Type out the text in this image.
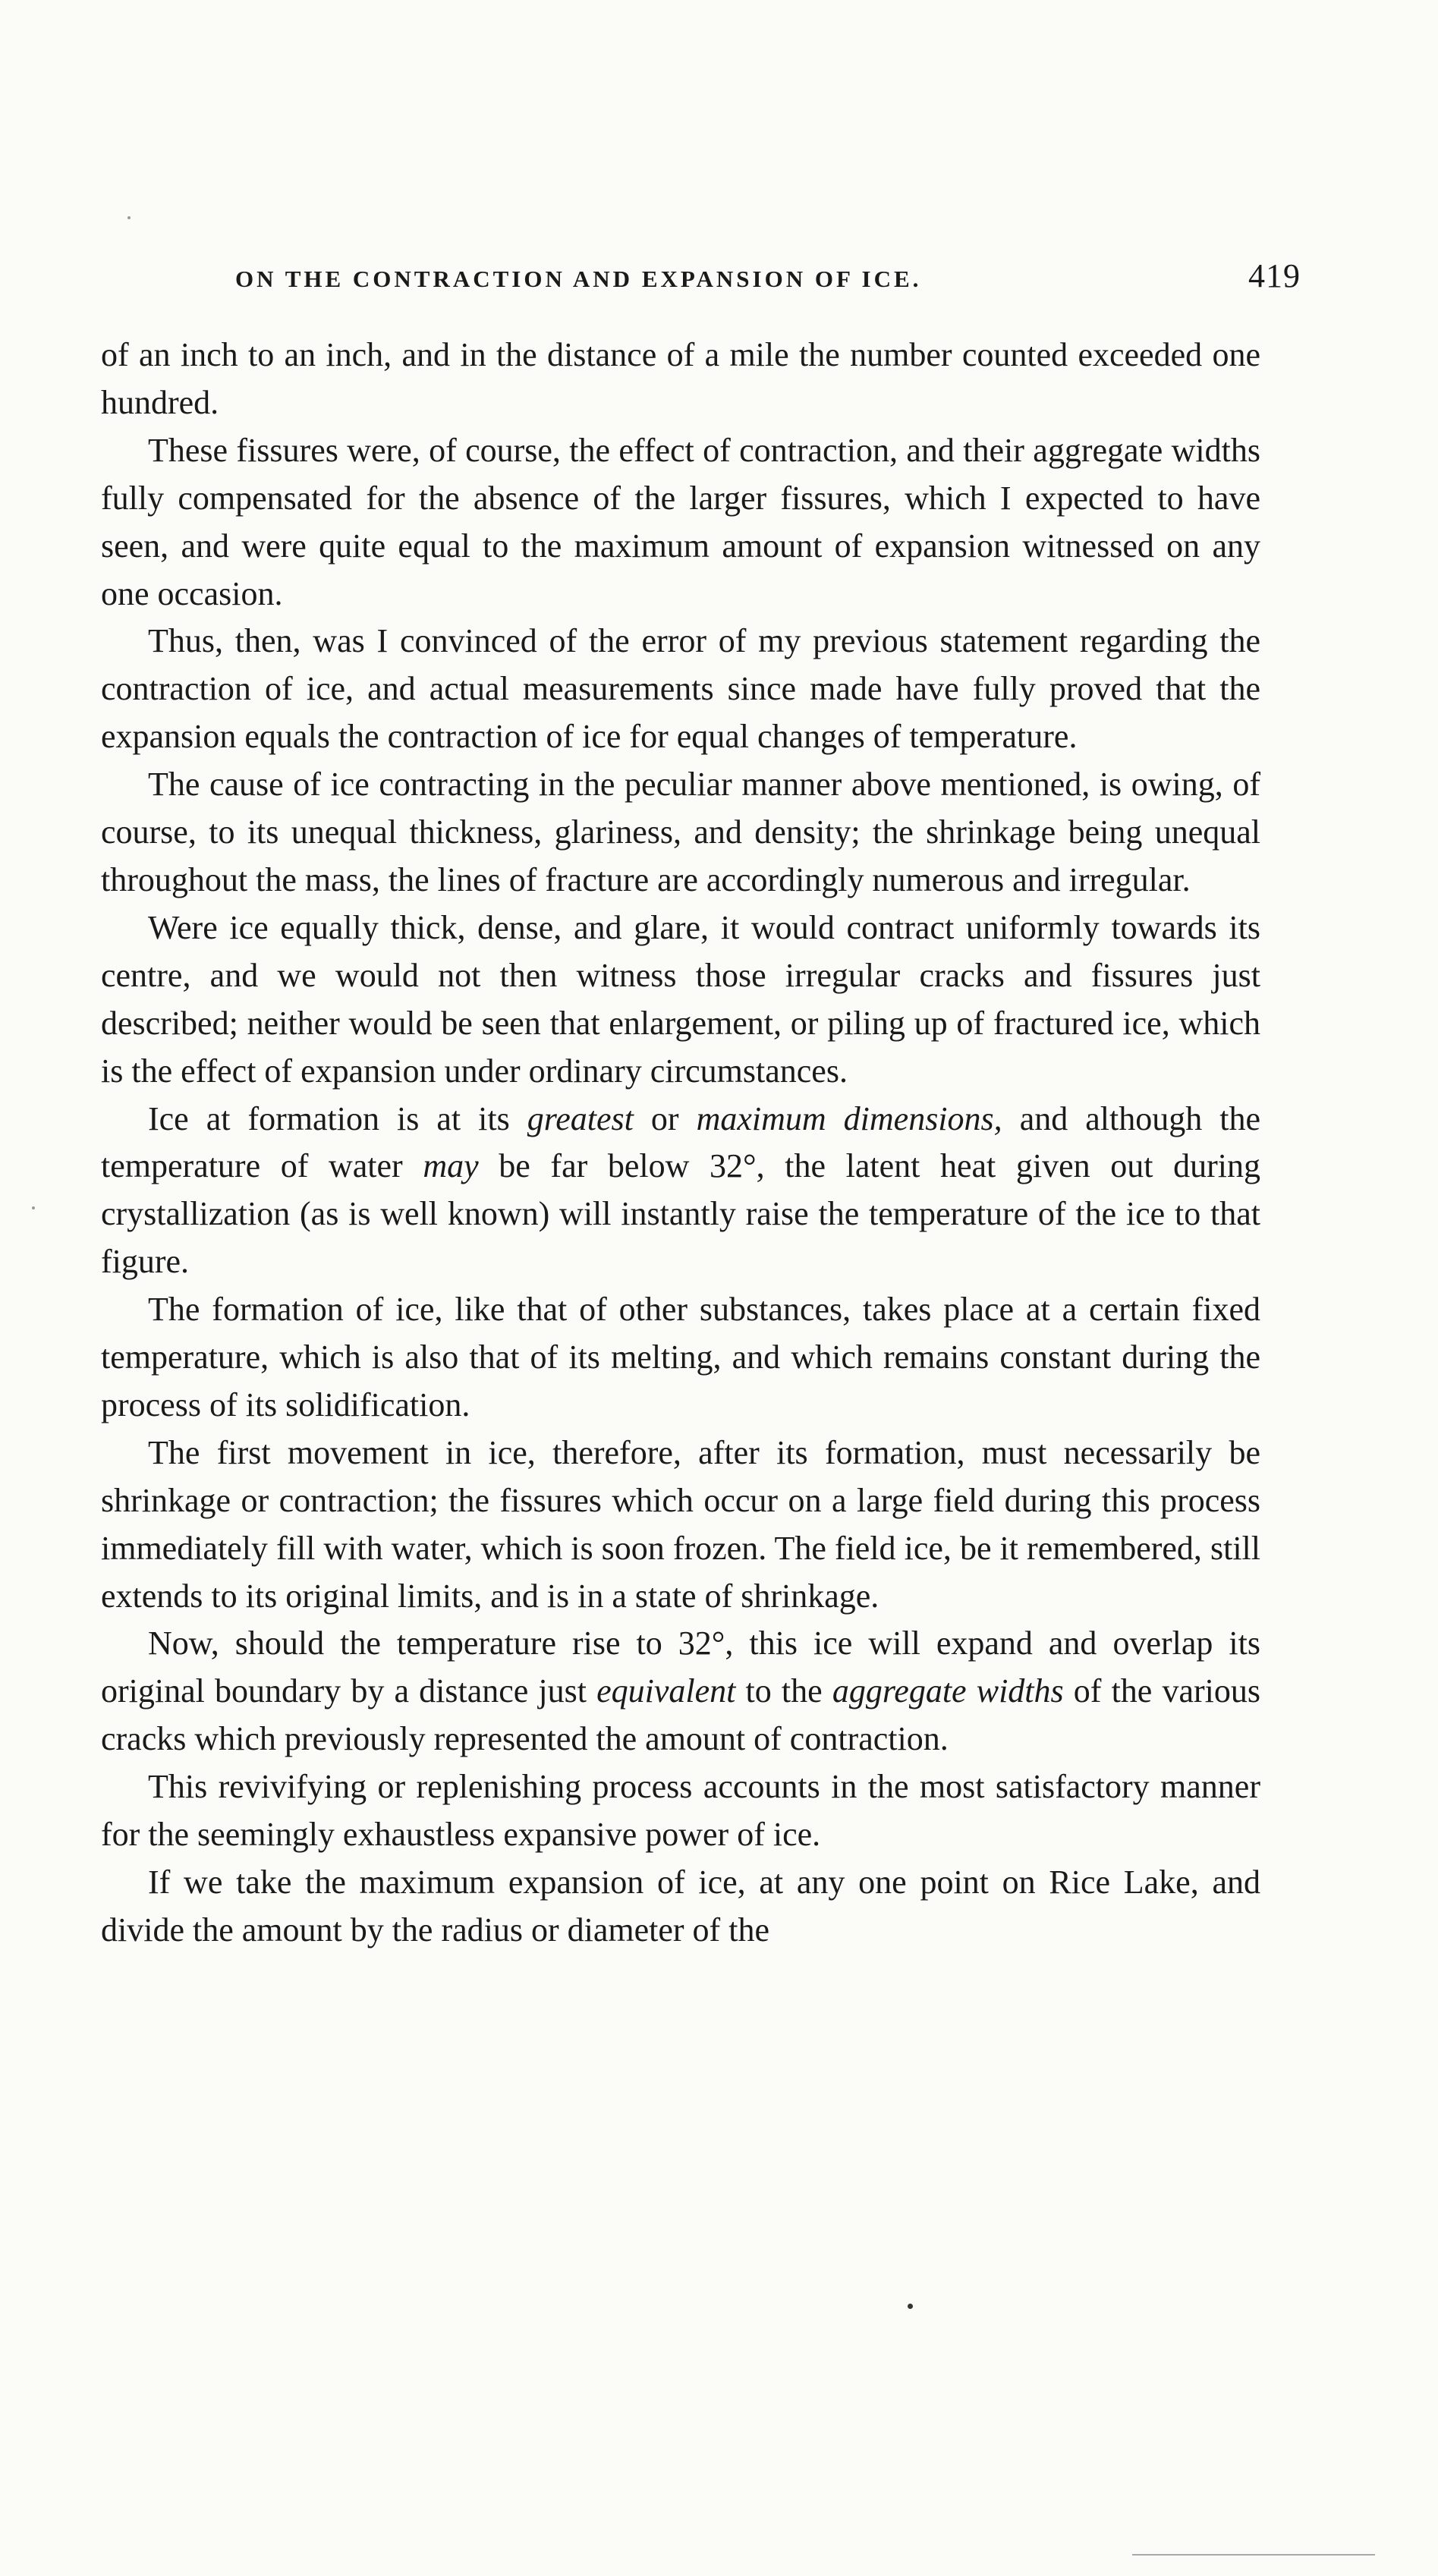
ON THE CONTRACTION AND EXPANSION OF ICE.	419

of an inch to an inch, and in the distance of a mile the number counted exceeded one hundred.

These fissures were, of course, the effect of contraction, and their aggregate widths fully compensated for the absence of the larger fissures, which I expected to have seen, and were quite equal to the maximum amount of expansion witnessed on any one occasion.

Thus, then, was I convinced of the error of my previous statement regarding the contraction of ice, and actual measurements since made have fully proved that the expansion equals the contraction of ice for equal changes of temperature.

The cause of ice contracting in the peculiar manner above mentioned, is owing, of course, to its unequal thickness, glariness, and density; the shrinkage being unequal throughout the mass, the lines of fracture are accordingly numerous and irregular.

Were ice equally thick, dense, and glare, it would contract uniformly towards its centre, and we would not then witness those irregular cracks and fissures just described; neither would be seen that enlargement, or piling up of fractured ice, which is the effect of expansion under ordinary circumstances.

Ice at formation is at its greatest or maximum dimensions, and although the temperature of water may be far below 32°, the latent heat given out during crystallization (as is well known) will instantly raise the temperature of the ice to that figure.

The formation of ice, like that of other substances, takes place at a certain fixed temperature, which is also that of its melting, and which remains constant during the process of its solidification.

The first movement in ice, therefore, after its formation, must necessarily be shrinkage or contraction; the fissures which occur on a large field during this process immediately fill with water, which is soon frozen. The field ice, be it remembered, still extends to its original limits, and is in a state of shrinkage.

Now, should the temperature rise to 32°, this ice will expand and overlap its original boundary by a distance just equivalent to the aggregate widths of the various cracks which previously represented the amount of contraction.

This revivifying or replenishing process accounts in the most satisfactory manner for the seemingly exhaustless expansive power of ice.

If we take the maximum expansion of ice, at any one point on Rice Lake, and divide the amount by the radius or diameter of the
